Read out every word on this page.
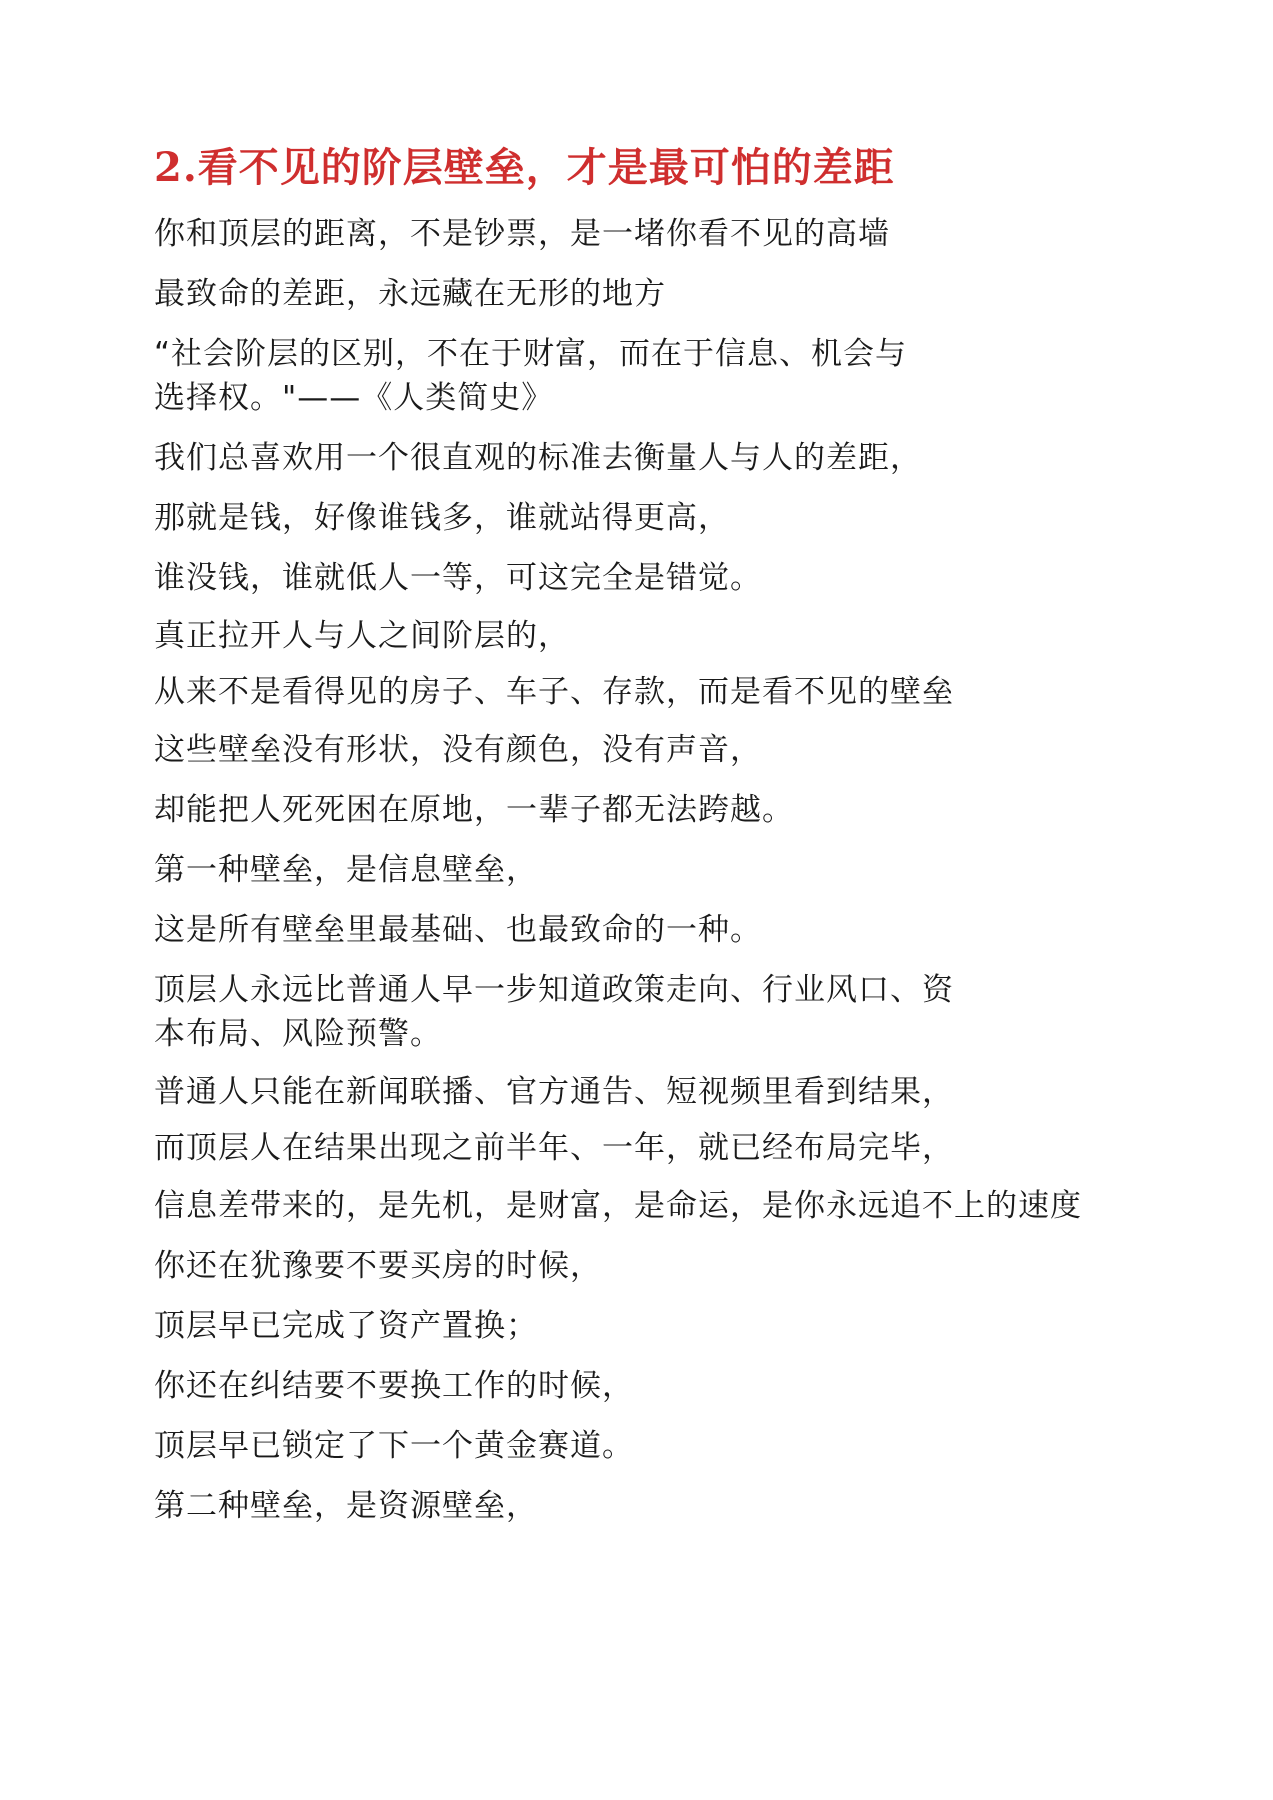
2.看不见的阶层壁垒，才是最可怕的差距

你和顶层的距离，不是钞票，是一堵你看不见的高墙

最致命的差距，永远藏在无形的地方

“社会阶层的区别，不在于财富，而在于信息、机会与选择权。"——《人类简史》

我们总喜欢用一个很直观的标准去衡量人与人的差距，

那就是钱，好像谁钱多，谁就站得更高，

谁没钱，谁就低人一等，可这完全是错觉。

真正拉开人与人之间阶层的，

从来不是看得见的房子、车子、存款，而是看不见的壁垒

这些壁垒没有形状，没有颜色，没有声音，

却能把人死死困在原地，一辈子都无法跨越。

第一种壁垒，是信息壁垒，

这是所有壁垒里最基础、也最致命的一种。

顶层人永远比普通人早一步知道政策走向、行业风口、资本布局、风险预警。

普通人只能在新闻联播、官方通告、短视频里看到结果，

而顶层人在结果出现之前半年、一年，就已经布局完毕，

信息差带来的，是先机，是财富，是命运，是你永远追不上的速度

你还在犹豫要不要买房的时候，

顶层早已完成了资产置换；

你还在纠结要不要换工作的时候，

顶层早已锁定了下一个黄金赛道。

第二种壁垒，是资源壁垒，
